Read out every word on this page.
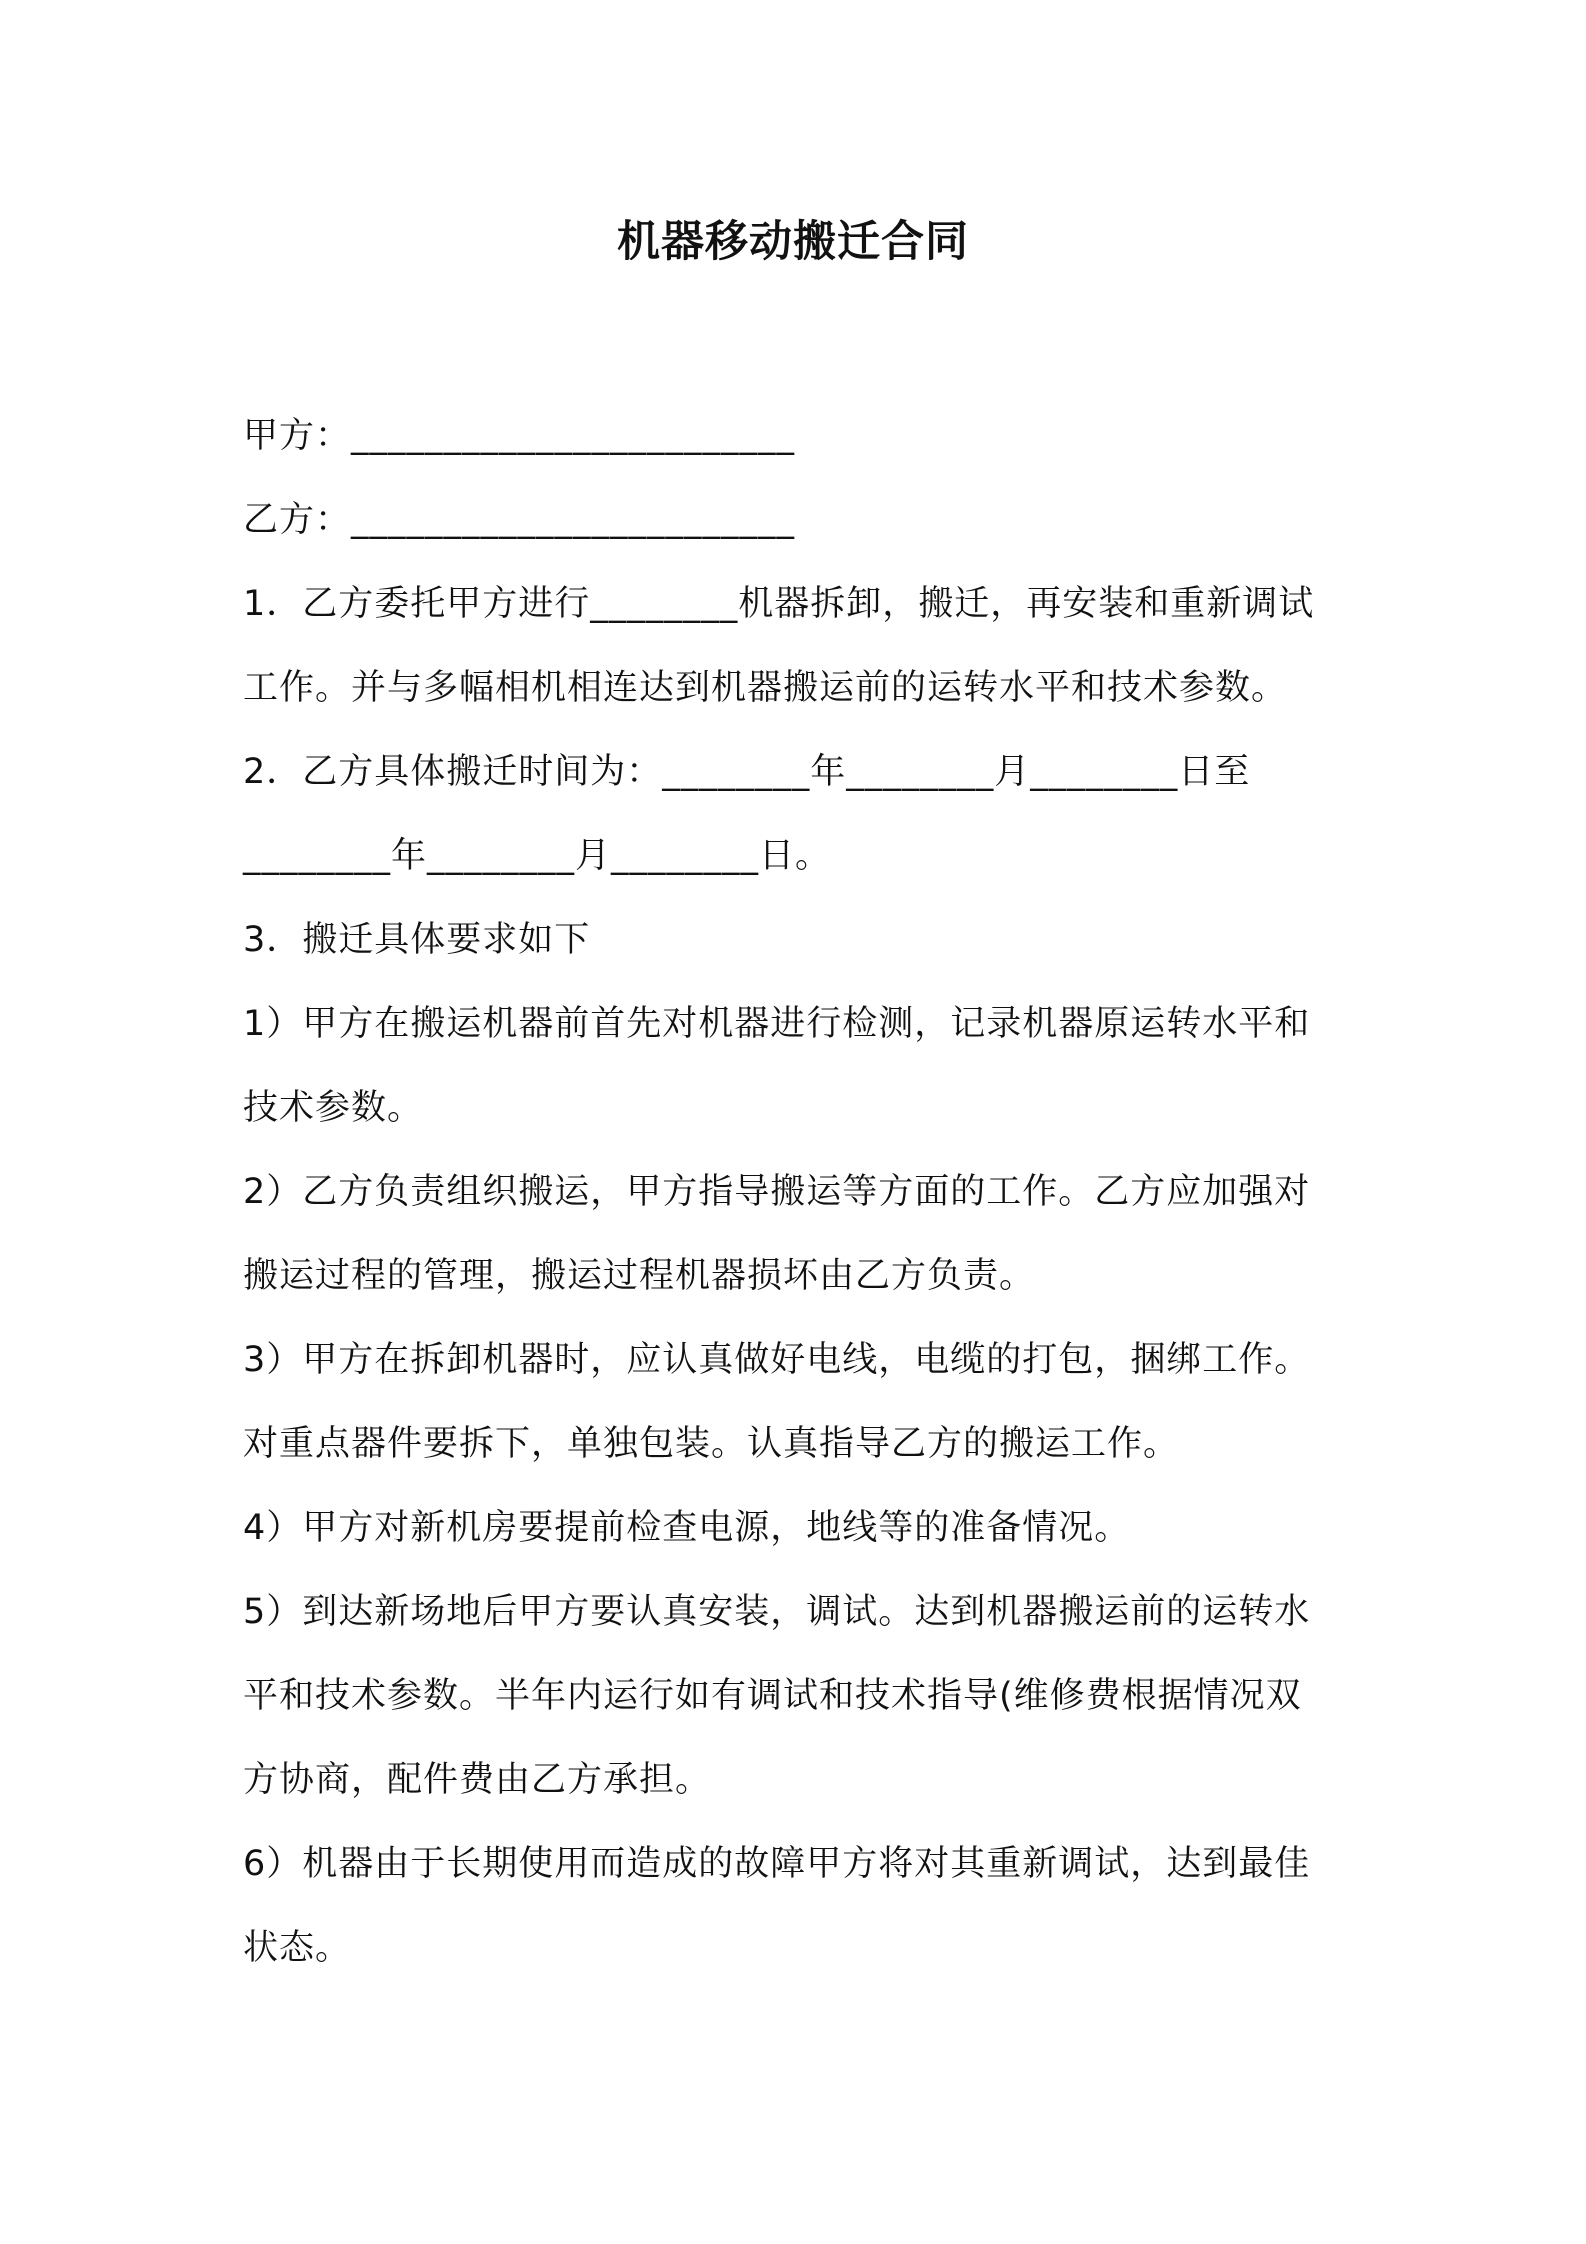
机器移动搬迁合同
甲方：________________________
乙方：________________________
1．乙方委托甲方进行________机器拆卸，搬迁，再安装和重新调试
工作。并与多幅相机相连达到机器搬运前的运转水平和技术参数。
2．乙方具体搬迁时间为：________年________月________日至
________年________月________日。
3．搬迁具体要求如下
1）甲方在搬运机器前首先对机器进行检测，记录机器原运转水平和
技术参数。
2）乙方负责组织搬运，甲方指导搬运等方面的工作。乙方应加强对
搬运过程的管理，搬运过程机器损坏由乙方负责。
3）甲方在拆卸机器时，应认真做好电线，电缆的打包，捆绑工作。
对重点器件要拆下，单独包装。认真指导乙方的搬运工作。
4）甲方对新机房要提前检查电源，地线等的准备情况。
5）到达新场地后甲方要认真安装，调试。达到机器搬运前的运转水
平和技术参数。半年内运行如有调试和技术指导(维修费根据情况双
方协商，配件费由乙方承担。
6）机器由于长期使用而造成的故障甲方将对其重新调试，达到最佳
状态。
